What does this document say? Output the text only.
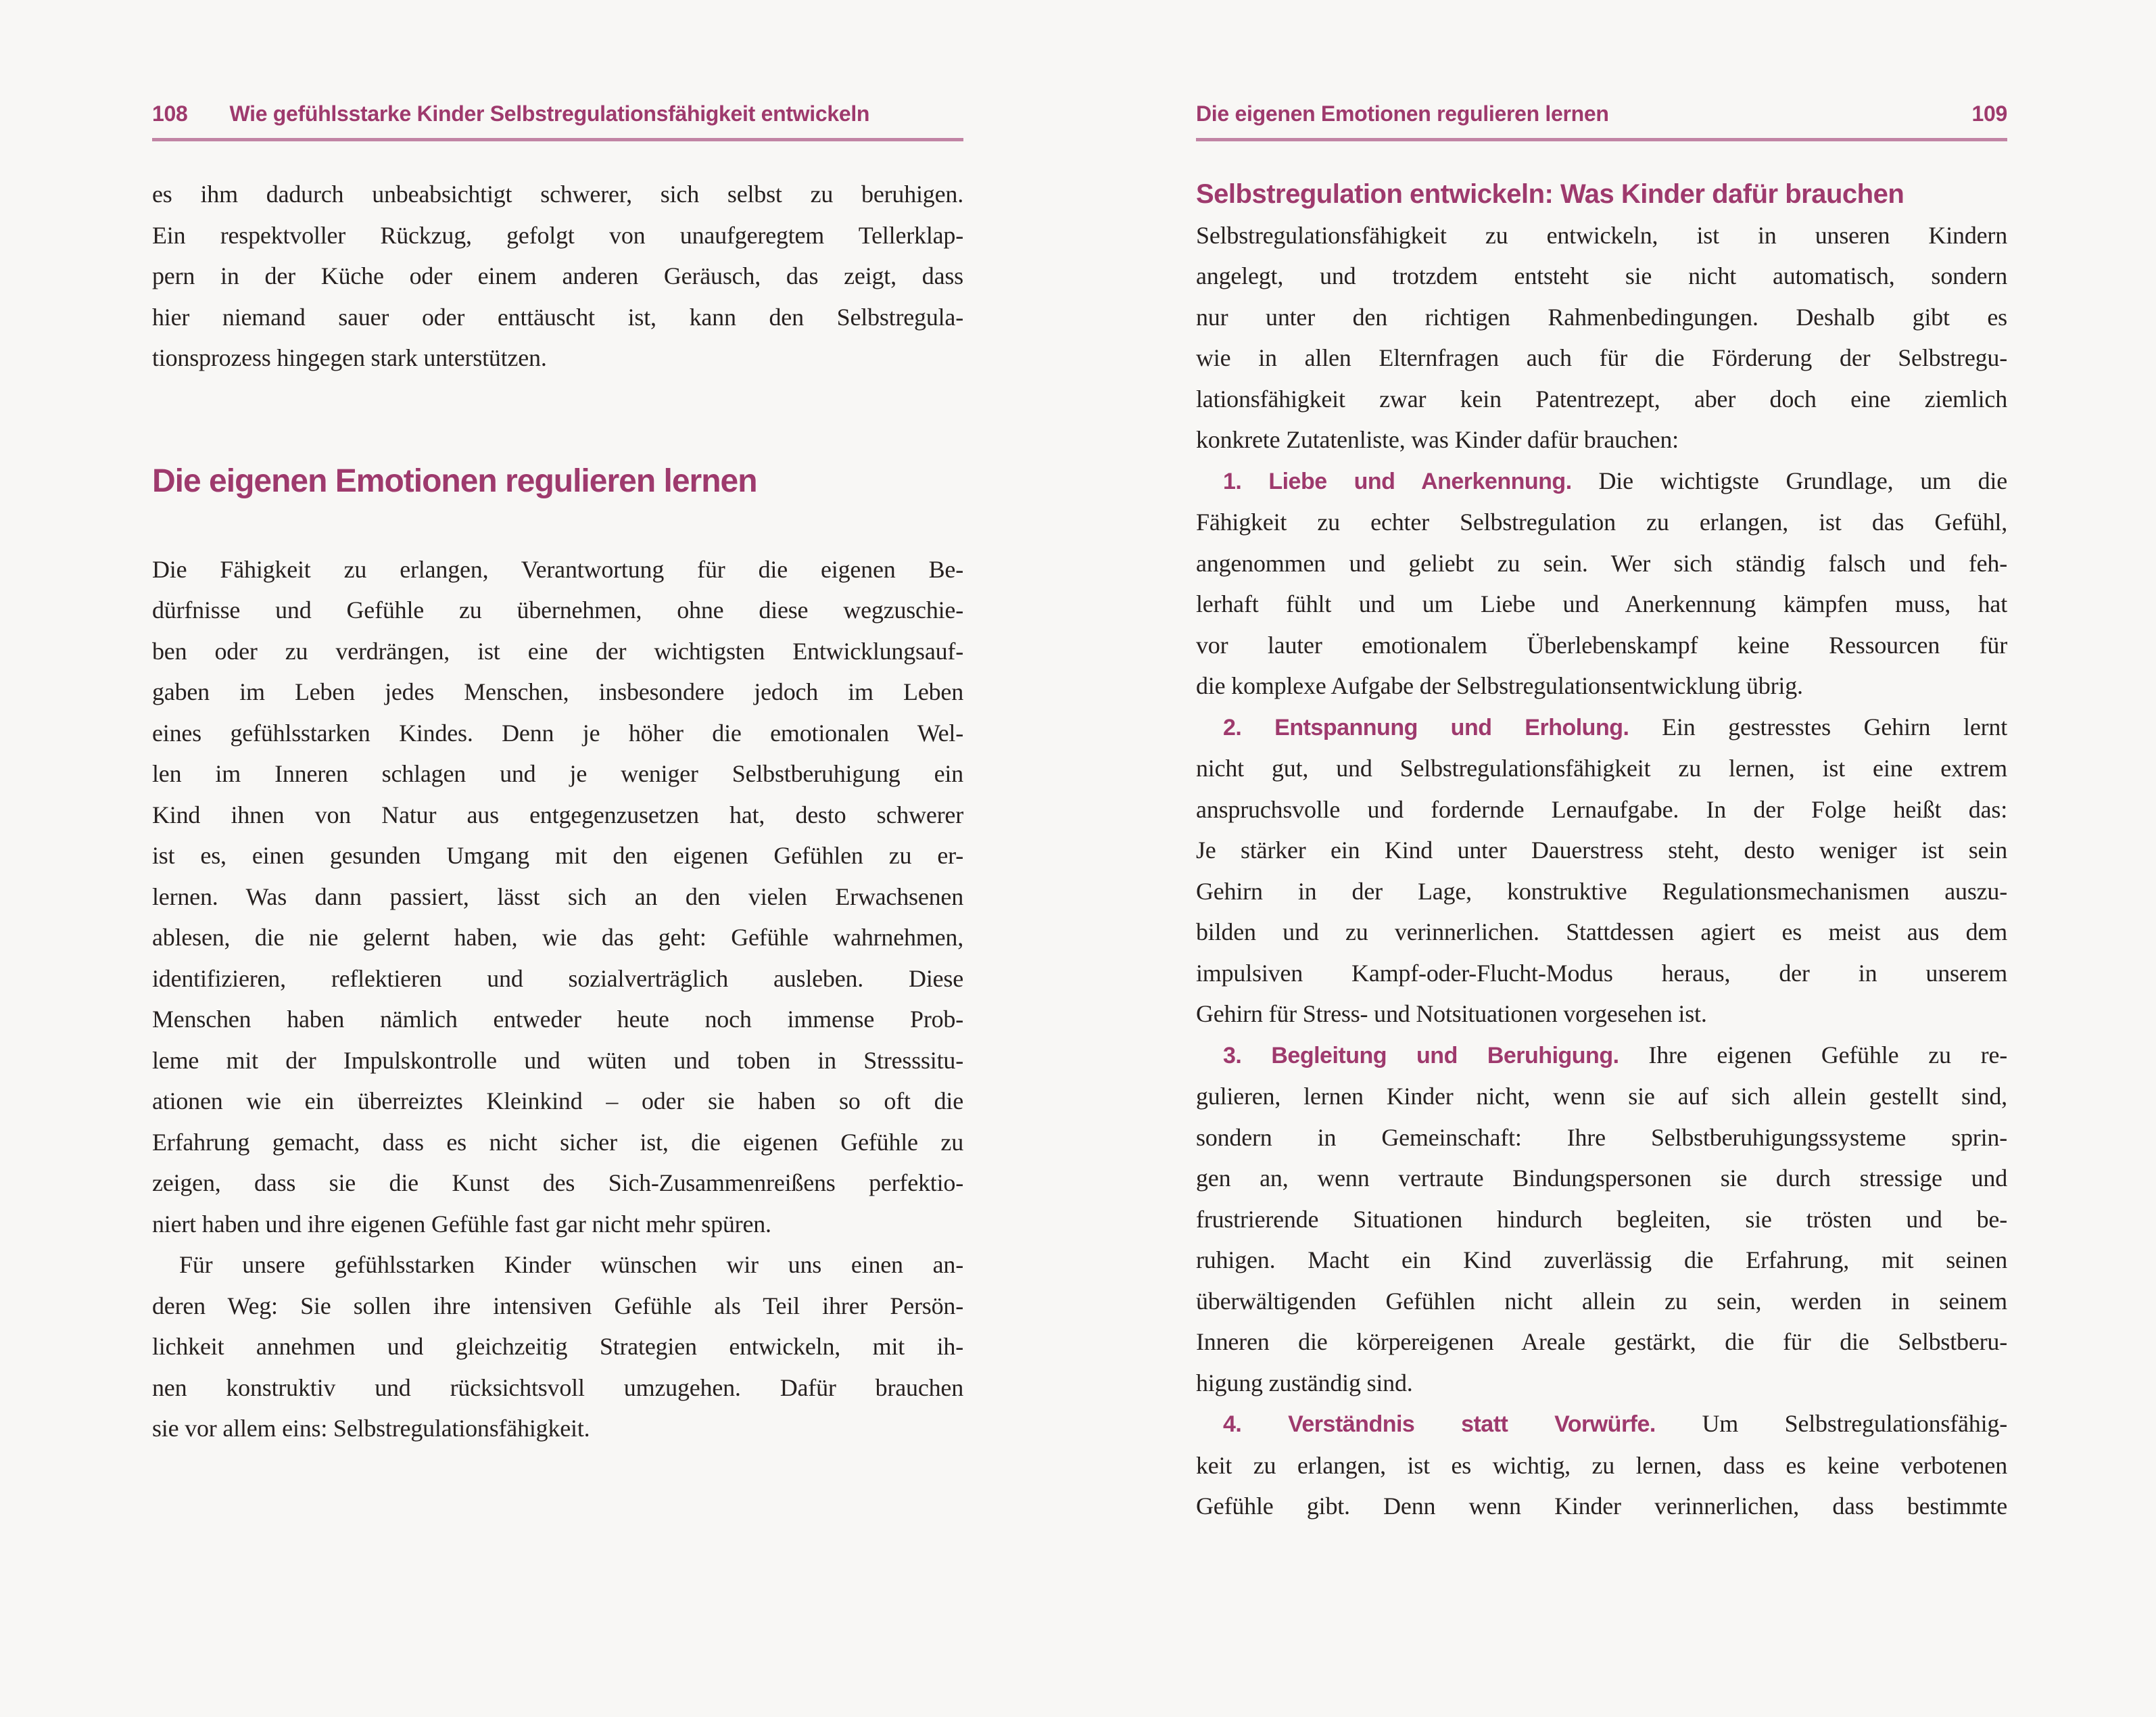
108 Wie gefühlsstarke Kinder Selbstregulationsfähigkeit entwickeln
es ihm dadurch unbeabsichtigt schwerer, sich selbst zu beruhigen.
Ein respektvoller Rückzug, gefolgt von unaufgeregtem Tellerklap-
pern in der Küche oder einem anderen Geräusch, das zeigt, dass
hier niemand sauer oder enttäuscht ist, kann den Selbstregula-
tionsprozess hingegen stark unterstützen.
Die eigenen Emotionen regulieren lernen
Die Fähigkeit zu erlangen, Verantwortung für die eigenen Be-
dürfnisse und Gefühle zu übernehmen, ohne diese wegzuschie-
ben oder zu verdrängen, ist eine der wichtigsten Entwicklungsauf-
gaben im Leben jedes Menschen, insbesondere jedoch im Leben
eines gefühlsstarken Kindes. Denn je höher die emotionalen Wel-
len im Inneren schlagen und je weniger Selbstberuhigung ein
Kind ihnen von Natur aus entgegenzusetzen hat, desto schwerer
ist es, einen gesunden Umgang mit den eigenen Gefühlen zu er-
lernen. Was dann passiert, lässt sich an den vielen Erwachsenen
ablesen, die nie gelernt haben, wie das geht: Gefühle wahrnehmen,
identifizieren, reflektieren und sozialverträglich ausleben. Diese
Menschen haben nämlich entweder heute noch immense Prob-
leme mit der Impulskontrolle und wüten und toben in Stresssitu-
ationen wie ein überreiztes Kleinkind – oder sie haben so oft die
Erfahrung gemacht, dass es nicht sicher ist, die eigenen Gefühle zu
zeigen, dass sie die Kunst des Sich-Zusammenreißens perfektio-
niert haben und ihre eigenen Gefühle fast gar nicht mehr spüren.
Für unsere gefühlsstarken Kinder wünschen wir uns einen an-
deren Weg: Sie sollen ihre intensiven Gefühle als Teil ihrer Persön-
lichkeit annehmen und gleichzeitig Strategien entwickeln, mit ih-
nen konstruktiv und rücksichtsvoll umzugehen. Dafür brauchen
sie vor allem eins: Selbstregulationsfähigkeit.
Die eigenen Emotionen regulieren lernen	109
Selbstregulation entwickeln: Was Kinder dafür brauchen
Selbstregulationsfähigkeit zu entwickeln, ist in unseren Kindern
angelegt, und trotzdem entsteht sie nicht automatisch, sondern
nur unter den richtigen Rahmenbedingungen. Deshalb gibt es
wie in allen Elternfragen auch für die Förderung der Selbstregu-
lationsfähigkeit zwar kein Patentrezept, aber doch eine ziemlich
konkrete Zutatenliste, was Kinder dafür brauchen:
1. Liebe und Anerkennung. Die wichtigste Grundlage, um die
Fähigkeit zu echter Selbstregulation zu erlangen, ist das Gefühl,
angenommen und geliebt zu sein. Wer sich ständig falsch und feh-
lerhaft fühlt und um Liebe und Anerkennung kämpfen muss, hat
vor lauter emotionalem Überlebenskampf keine Ressourcen für
die komplexe Aufgabe der Selbstregulationsentwicklung übrig.
2. Entspannung und Erholung. Ein gestresstes Gehirn lernt
nicht gut, und Selbstregulationsfähigkeit zu lernen, ist eine extrem
anspruchsvolle und fordernde Lernaufgabe. In der Folge heißt das:
Je stärker ein Kind unter Dauerstress steht, desto weniger ist sein
Gehirn in der Lage, konstruktive Regulationsmechanismen auszu-
bilden und zu verinnerlichen. Stattdessen agiert es meist aus dem
impulsiven Kampf-oder-Flucht-Modus heraus, der in unserem
Gehirn für Stress- und Notsituationen vorgesehen ist.
3. Begleitung und Beruhigung. Ihre eigenen Gefühle zu re-
gulieren, lernen Kinder nicht, wenn sie auf sich allein gestellt sind,
sondern in Gemeinschaft: Ihre Selbstberuhigungssysteme sprin-
gen an, wenn vertraute Bindungspersonen sie durch stressige und
frustrierende Situationen hindurch begleiten, sie trösten und be-
ruhigen. Macht ein Kind zuverlässig die Erfahrung, mit seinen
überwältigenden Gefühlen nicht allein zu sein, werden in seinem
Inneren die körpereigenen Areale gestärkt, die für die Selbstberu-
higung zuständig sind.
4. Verständnis statt Vorwürfe. Um Selbstregulationsfähig-
keit zu erlangen, ist es wichtig, zu lernen, dass es keine verbotenen
Gefühle gibt. Denn wenn Kinder verinnerlichen, dass bestimmte
